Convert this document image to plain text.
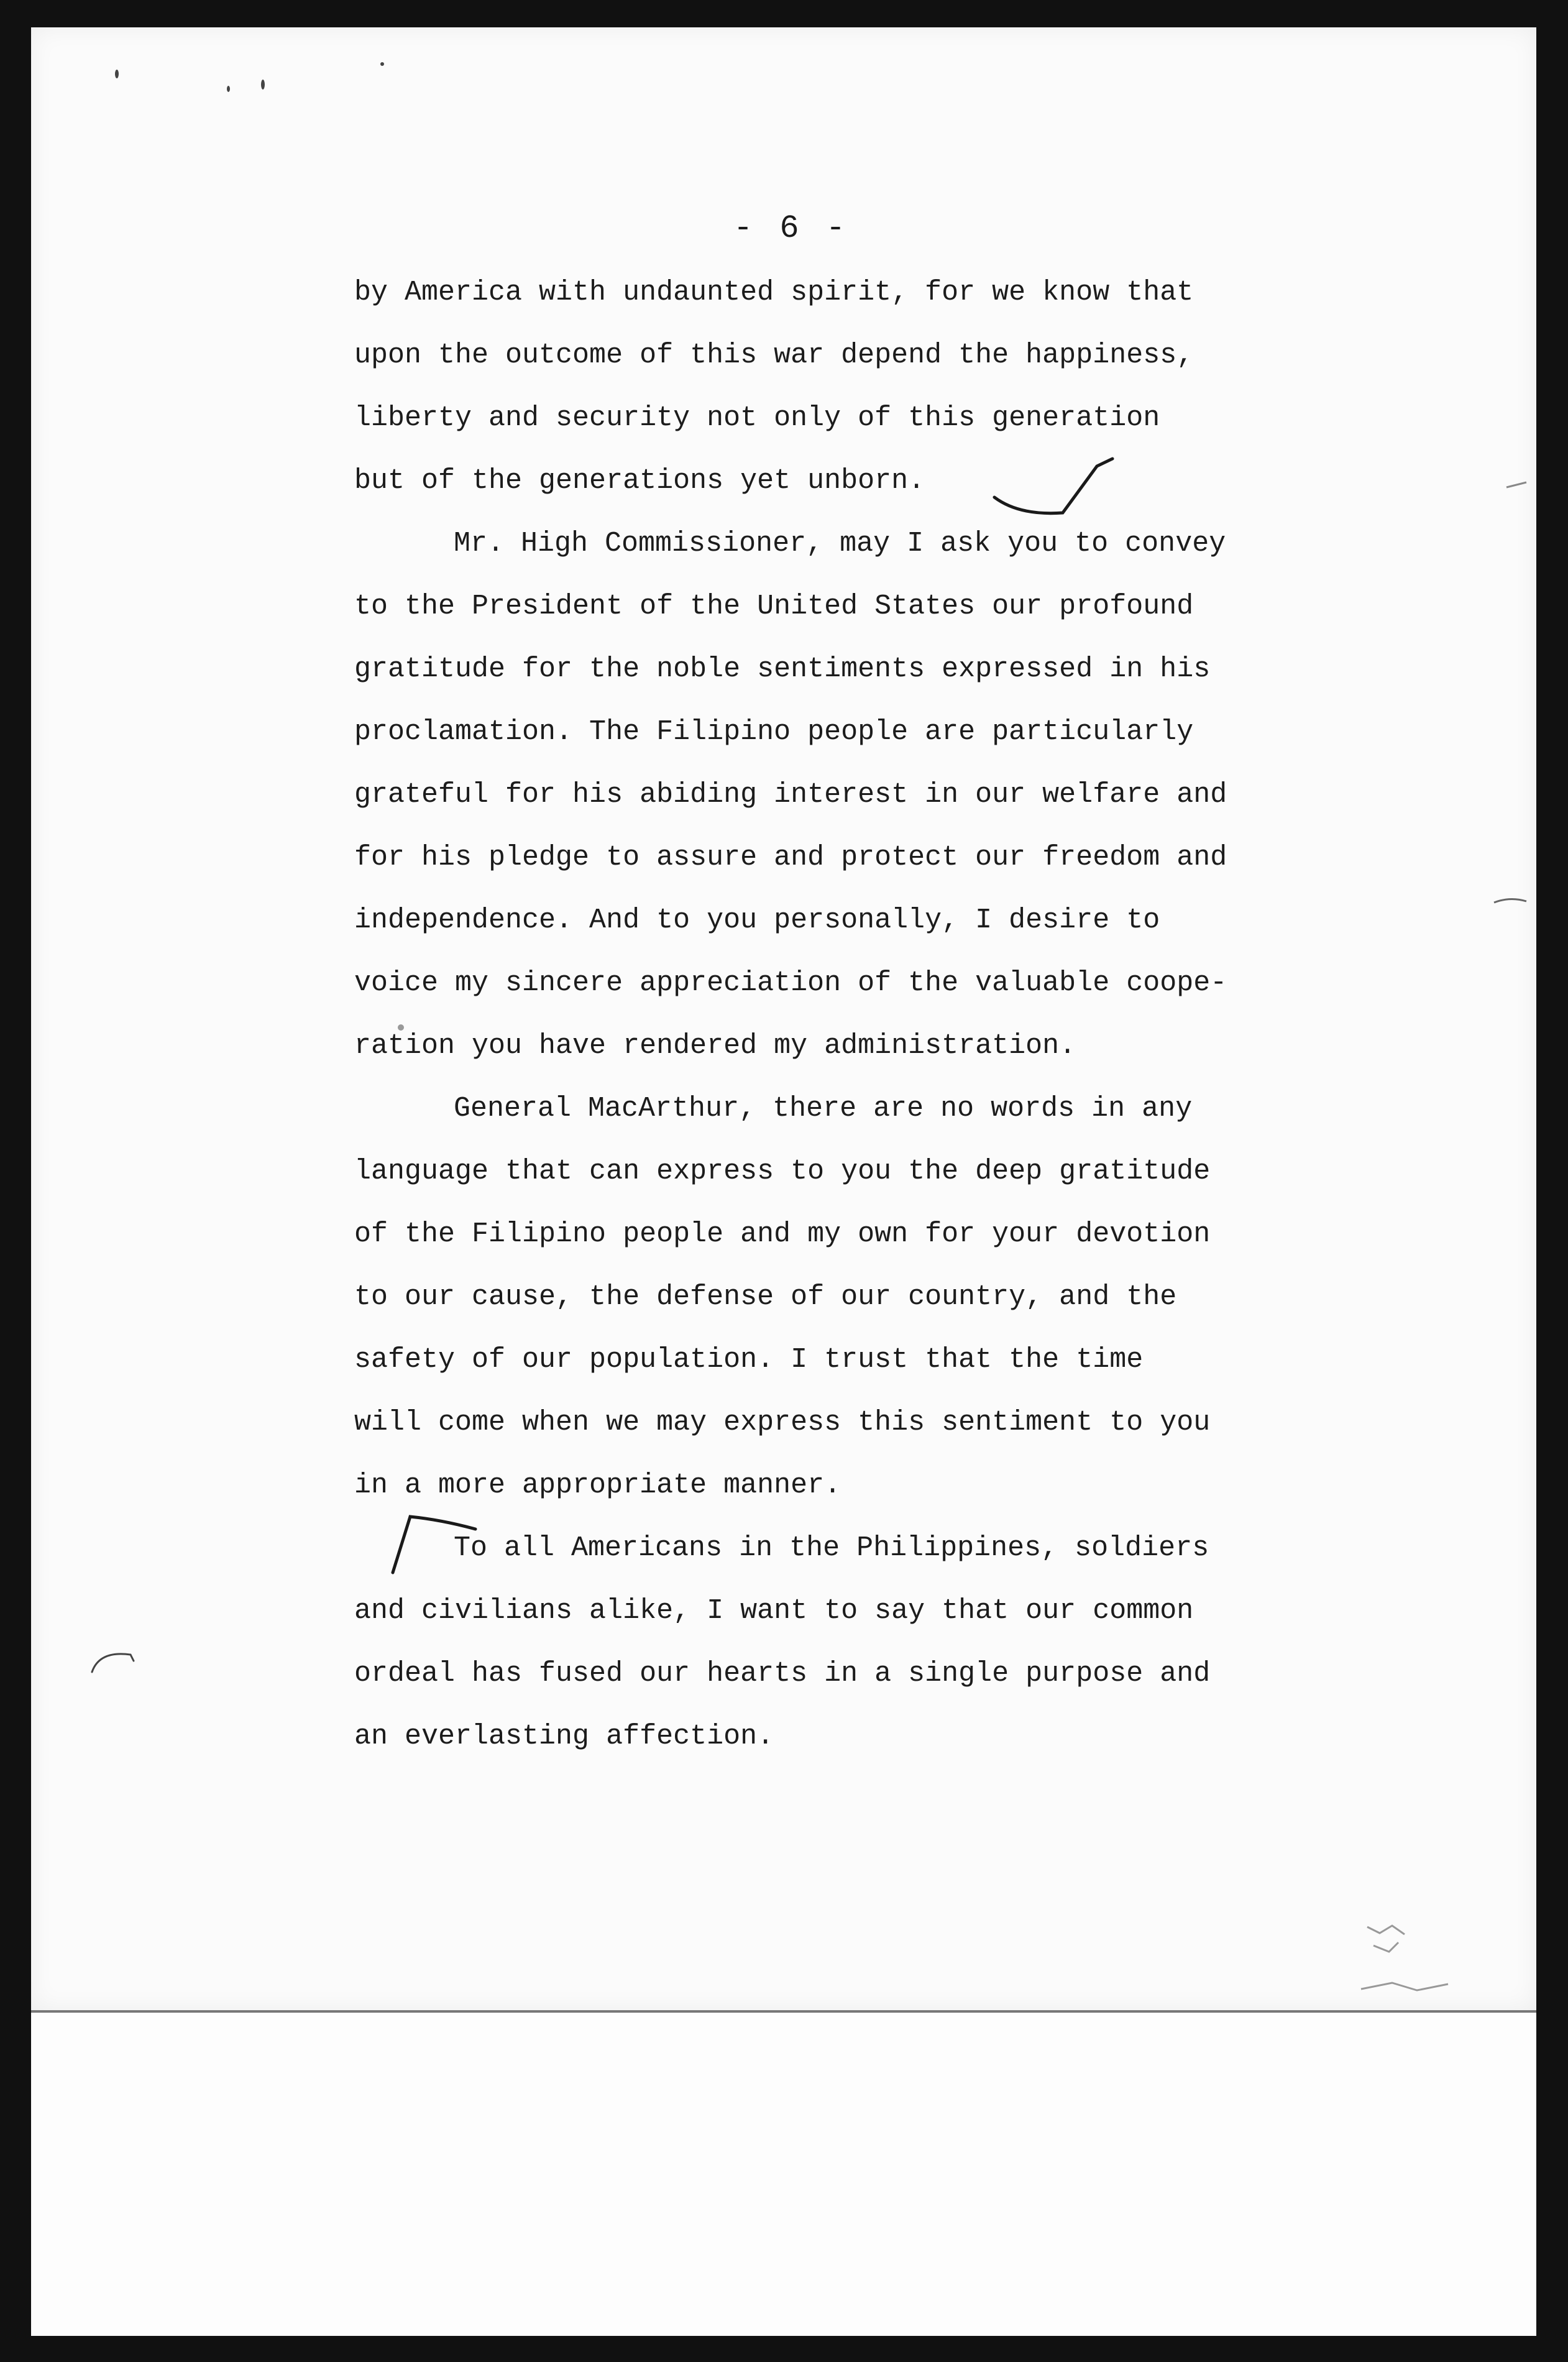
- 6 -
by America with undaunted spirit, for we know that
upon the outcome of this war depend the happiness,
liberty and security not only of this generation
but of the generations yet unborn.
Mr. High Commissioner, may I ask you to convey
to the President of the United States our profound
gratitude for the noble sentiments expressed in his
proclamation. The Filipino people are particularly
grateful for his abiding interest in our welfare and
for his pledge to assure and protect our freedom and
independence. And to you personally, I desire to
voice my sincere appreciation of the valuable coope-
ration you have rendered my administration.
General MacArthur, there are no words in any
language that can express to you the deep gratitude
of the Filipino people and my own for your devotion
to our cause, the defense of our country, and the
safety of our population. I trust that the time
will come when we may express this sentiment to you
in a more appropriate manner.
To all Americans in the Philippines, soldiers
and civilians alike, I want to say that our common
ordeal has fused our hearts in a single purpose and
an everlasting affection.
